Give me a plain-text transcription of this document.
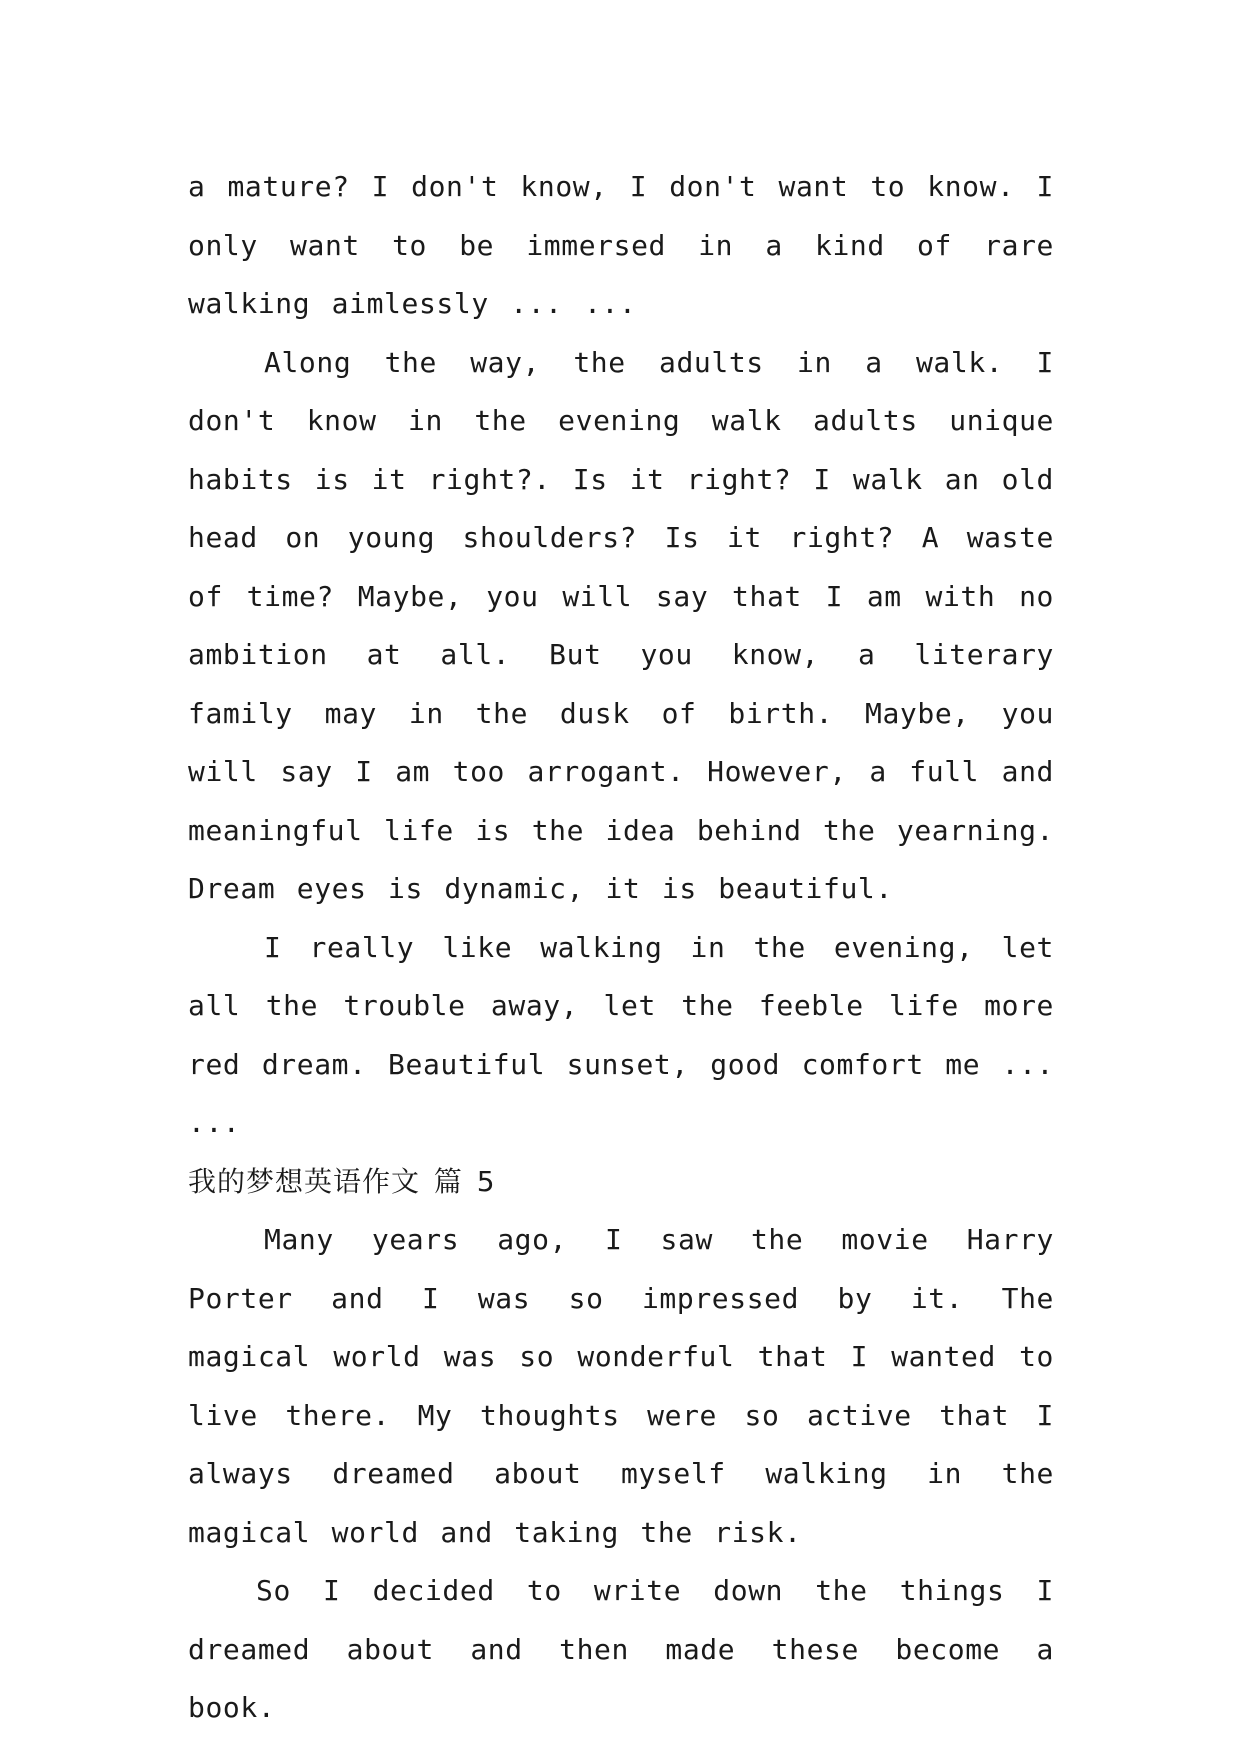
a mature? I don't know, I don't want to know. I only want to be immersed in a kind of rare walking aimlessly ... ...

Along the way, the adults in a walk. I don't know in the evening walk adults unique habits is it right?. Is it right? I walk an old head on young shoulders? Is it right? A waste of time? Maybe, you will say that I am with no ambition at all. But you know, a literary family may in the dusk of birth. Maybe, you will say I am too arrogant. However, a full and meaningful life is the idea behind the yearning. Dream eyes is dynamic, it is beautiful.

I really like walking in the evening, let all the trouble away, let the feeble life more red dream. Beautiful sunset, good comfort me ... ...

我的梦想英语作文 篇 5

Many years ago, I saw the movie Harry Porter and I was so impressed by it. The magical world was so wonderful that I wanted to live there. My thoughts were so active that I always dreamed about myself walking in the magical world and taking the risk.

So I decided to write down the things I dreamed about and then made these become a book.
